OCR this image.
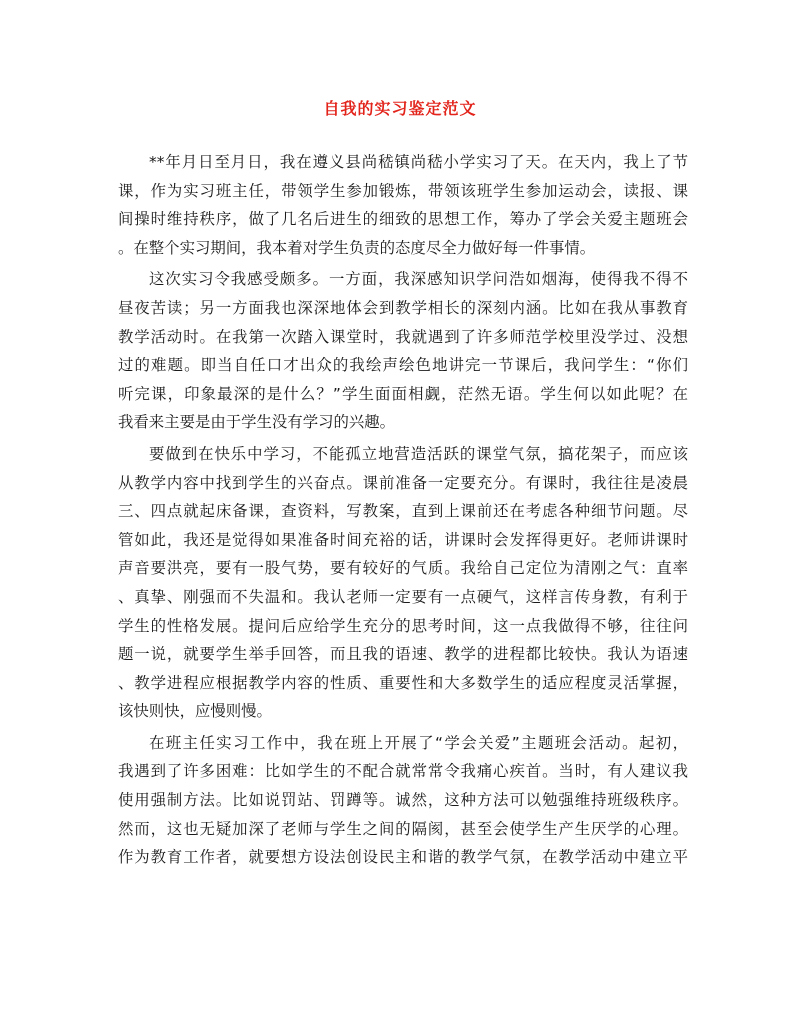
自我的实习鉴定范文
**年月日至月日，我在遵义县尚嵇镇尚嵇小学实习了天。在天内，我上了节
课，作为实习班主任，带领学生参加锻炼，带领该班学生参加运动会，读报、课
间操时维持秩序，做了几名后进生的细致的思想工作，筹办了学会关爱主题班会
。在整个实习期间，我本着对学生负责的态度尽全力做好每一件事情。
这次实习令我感受颇多。一方面，我深感知识学问浩如烟海，使得我不得不
昼夜苦读；另一方面我也深深地体会到教学相长的深刻内涵。比如在我从事教育
教学活动时。在我第一次踏入课堂时，我就遇到了许多师范学校里没学过、没想
过的难题。即当自任口才出众的我绘声绘色地讲完一节课后，我问学生：“你们
听完课，印象最深的是什么？”学生面面相觑，茫然无语。学生何以如此呢？在
我看来主要是由于学生没有学习的兴趣。
要做到在快乐中学习，不能孤立地营造活跃的课堂气氛，搞花架子，而应该
从教学内容中找到学生的兴奋点。课前准备一定要充分。有课时，我往往是凌晨
三、四点就起床备课，查资料，写教案，直到上课前还在考虑各种细节问题。尽
管如此，我还是觉得如果准备时间充裕的话，讲课时会发挥得更好。老师讲课时
声音要洪亮，要有一股气势，要有较好的气质。我给自己定位为清刚之气：直率
、真挚、刚强而不失温和。我认老师一定要有一点硬气，这样言传身教，有利于
学生的性格发展。提问后应给学生充分的思考时间，这一点我做得不够，往往问
题一说，就要学生举手回答，而且我的语速、教学的进程都比较快。我认为语速
、教学进程应根据教学内容的性质、重要性和大多数学生的适应程度灵活掌握，
该快则快，应慢则慢。
在班主任实习工作中，我在班上开展了“学会关爱”主题班会活动。起初，
我遇到了许多困难：比如学生的不配合就常常令我痛心疾首。当时，有人建议我
使用强制方法。比如说罚站、罚蹲等。诚然，这种方法可以勉强维持班级秩序。
然而，这也无疑加深了老师与学生之间的隔阂，甚至会使学生产生厌学的心理。
作为教育工作者，就要想方设法创设民主和谐的教学气氛，在教学活动中建立平
